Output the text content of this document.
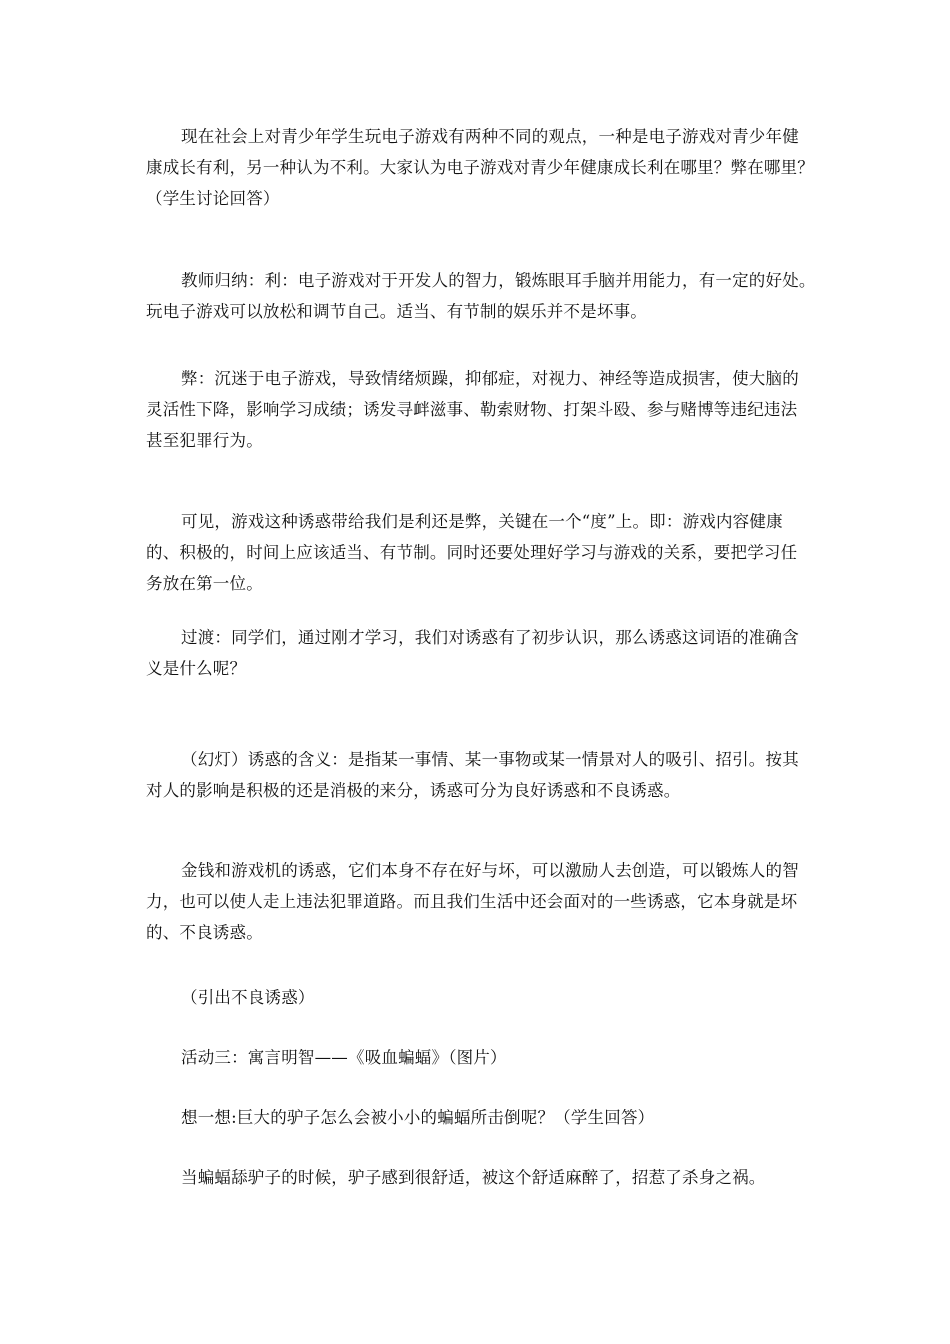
现在社会上对青少年学生玩电子游戏有两种不同的观点，一种是电子游戏对青少年健
康成长有利，另一种认为不利。大家认为电子游戏对青少年健康成长利在哪里？弊在哪里？
（学生讨论回答）

教师归纳：利：电子游戏对于开发人的智力，锻炼眼耳手脑并用能力，有一定的好处。
玩电子游戏可以放松和调节自己。适当、有节制的娱乐并不是坏事。

弊：沉迷于电子游戏，导致情绪烦躁，抑郁症，对视力、神经等造成损害，使大脑的
灵活性下降，影响学习成绩；诱发寻衅滋事、勒索财物、打架斗殴、参与赌博等违纪违法
甚至犯罪行为。

可见，游戏这种诱惑带给我们是利还是弊，关键在一个“度”上。即：游戏内容健康
的、积极的，时间上应该适当、有节制。同时还要处理好学习与游戏的关系，要把学习任
务放在第一位。

过渡：同学们，通过刚才学习，我们对诱惑有了初步认识，那么诱惑这词语的准确含
义是什么呢？

（幻灯）诱惑的含义：是指某一事情、某一事物或某一情景对人的吸引、招引。按其
对人的影响是积极的还是消极的来分，诱惑可分为良好诱惑和不良诱惑。

金钱和游戏机的诱惑，它们本身不存在好与坏，可以激励人去创造，可以锻炼人的智
力，也可以使人走上违法犯罪道路。而且我们生活中还会面对的一些诱惑，它本身就是坏
的、不良诱惑。

（引出不良诱惑）

活动三：寓言明智——《吸血蝙蝠》（图片）

想一想:巨大的驴子怎么会被小小的蝙蝠所击倒呢？（学生回答）

当蝙蝠舔驴子的时候，驴子感到很舒适，被这个舒适麻醉了，招惹了杀身之祸。
